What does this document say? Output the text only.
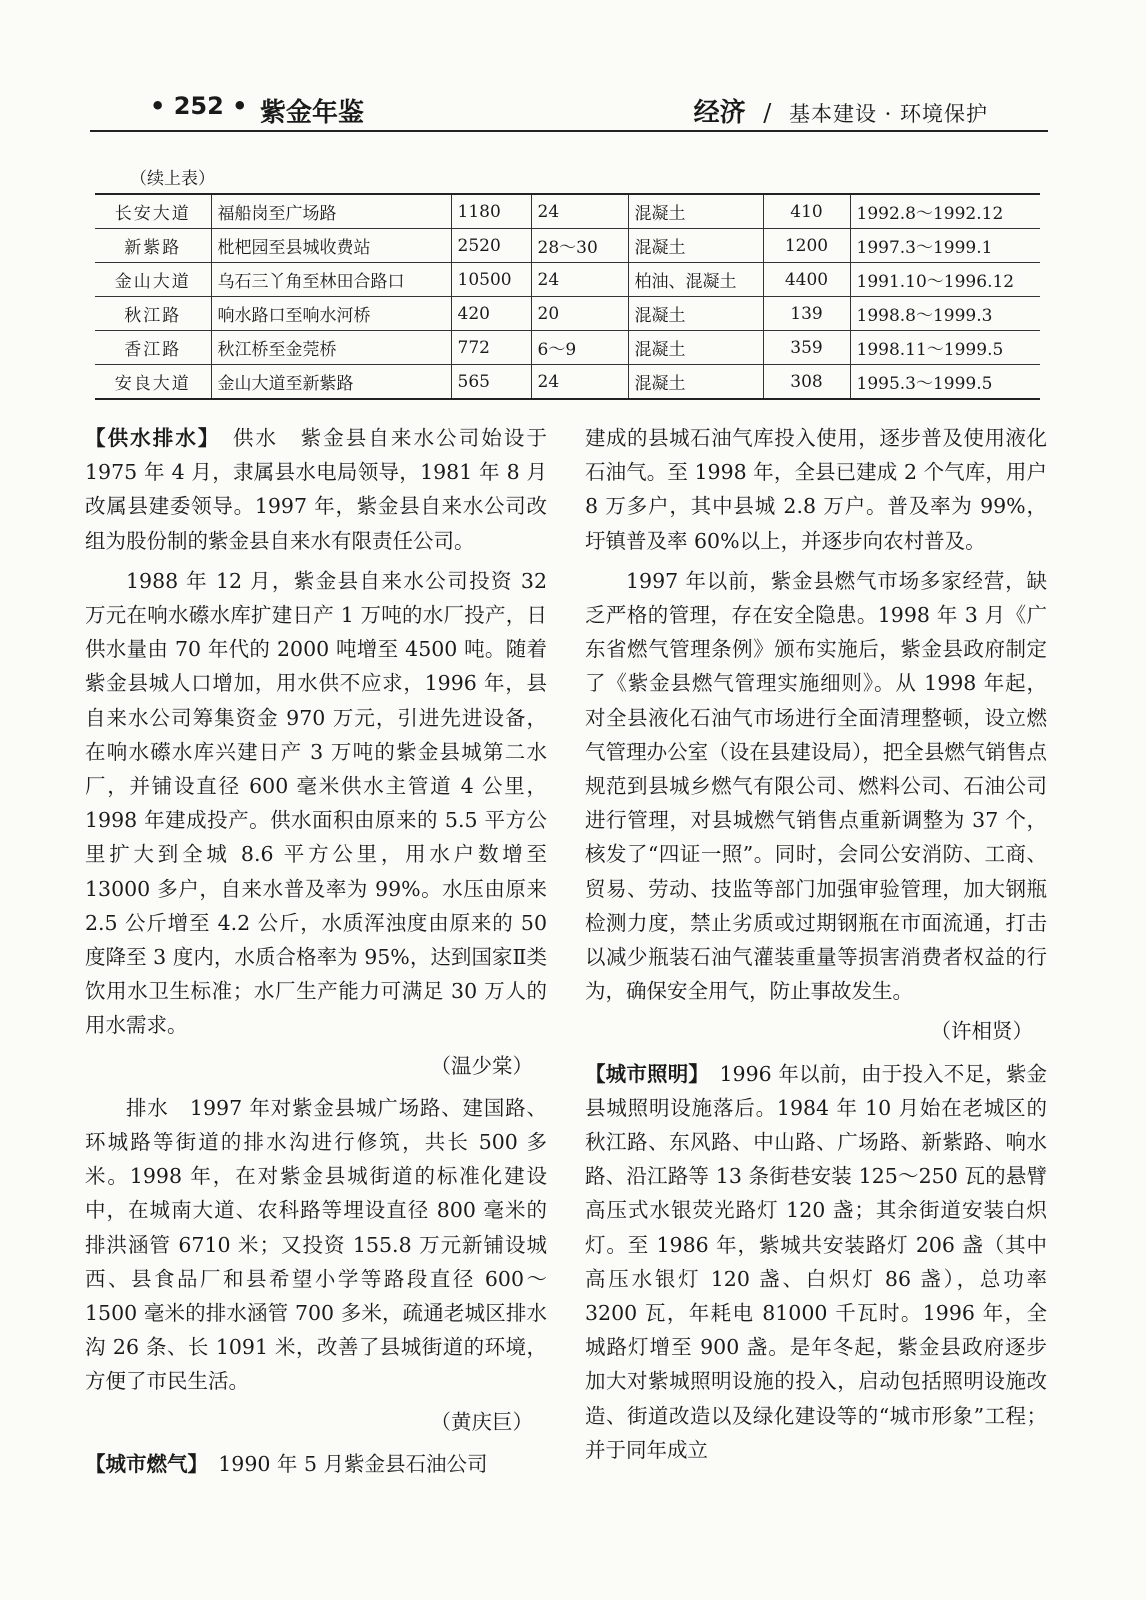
• 252 • 紫金年鉴	经济 / 基本建设 · 环境保护
（续上表）
长安大道	福船岗至广场路	1180	24	混凝土	410	1992.8～1992.12
新紫路	枇杷园至县城收费站	2520	28～30	混凝土	1200	1997.3～1999.1
金山大道	乌石三丫角至林田合路口	10500	24	柏油、混凝土	4400	1991.10～1996.12
秋江路	响水路口至响水河桥	420	20	混凝土	139	1998.8～1999.3
香江路	秋江桥至金莞桥	772	6～9	混凝土	359	1998.11～1999.5
安良大道	金山大道至新紫路	565	24	混凝土	308	1995.3～1999.5

【供水排水】　供水　紫金县自来水公司始设于 1975 年 4 月，隶属县水电局领导，1981 年 8 月改属县建委领导。1997 年，紫金县自来水公司改组为股份制的紫金县自来水有限责任公司。

1988 年 12 月，紫金县自来水公司投资 32 万元在响水礤水库扩建日产 1 万吨的水厂投产，日供水量由 70 年代的 2000 吨增至 4500 吨。随着紫金县城人口增加，用水供不应求，1996 年，县自来水公司筹集资金 970 万元，引进先进设备，在响水礤水库兴建日产 3 万吨的紫金县城第二水厂，并铺设直径 600 毫米供水主管道 4 公里，1998 年建成投产。供水面积由原来的 5.5 平方公里扩大到全城 8.6 平方公里，用水户数增至 13000 多户，自来水普及率为 99%。水压由原来 2.5 公斤增至 4.2 公斤，水质浑浊度由原来的 50 度降至 3 度内，水质合格率为 95%，达到国家Ⅱ类饮用水卫生标准；水厂生产能力可满足 30 万人的用水需求。

（温少棠）

排水　1997 年对紫金县城广场路、建国路、环城路等街道的排水沟进行修筑，共长 500 多米。1998 年，在对紫金县城街道的标准化建设中，在城南大道、农科路等埋设直径 800 毫米的排洪涵管 6710 米；又投资 155.8 万元新铺设城西、县食品厂和县希望小学等路段直径 600～1500 毫米的排水涵管 700 多米，疏通老城区排水沟 26 条、长 1091 米，改善了县城街道的环境，方便了市民生活。

（黄庆巨）

【城市燃气】　1990 年 5 月紫金县石油公司

建成的县城石油气库投入使用，逐步普及使用液化石油气。至 1998 年，全县已建成 2 个气库，用户 8 万多户，其中县城 2.8 万户。普及率为 99%，圩镇普及率 60%以上，并逐步向农村普及。

1997 年以前，紫金县燃气市场多家经营，缺乏严格的管理，存在安全隐患。1998 年 3 月《广东省燃气管理条例》颁布实施后，紫金县政府制定了《紫金县燃气管理实施细则》。从 1998 年起，对全县液化石油气市场进行全面清理整顿，设立燃气管理办公室（设在县建设局），把全县燃气销售点规范到县城乡燃气有限公司、燃料公司、石油公司进行管理，对县城燃气销售点重新调整为 37 个，核发了“四证一照”。同时，会同公安消防、工商、贸易、劳动、技监等部门加强审验管理，加大钢瓶检测力度，禁止劣质或过期钢瓶在市面流通，打击以减少瓶装石油气灌装重量等损害消费者权益的行为，确保安全用气，防止事故发生。

（许相贤）

【城市照明】　1996 年以前，由于投入不足，紫金县城照明设施落后。1984 年 10 月始在老城区的秋江路、东风路、中山路、广场路、新紫路、响水路、沿江路等 13 条街巷安装 125～250 瓦的悬臂高压式水银荧光路灯 120 盏；其余街道安装白炽灯。至 1986 年，紫城共安装路灯 206 盏（其中高压水银灯 120 盏、白炽灯 86 盏），总功率 3200 瓦，年耗电 81000 千瓦时。1996 年，全城路灯增至 900 盏。是年冬起，紫金县政府逐步加大对紫城照明设施的投入，启动包括照明设施改造、街道改造以及绿化建设等的“城市形象”工程；并于同年成立
